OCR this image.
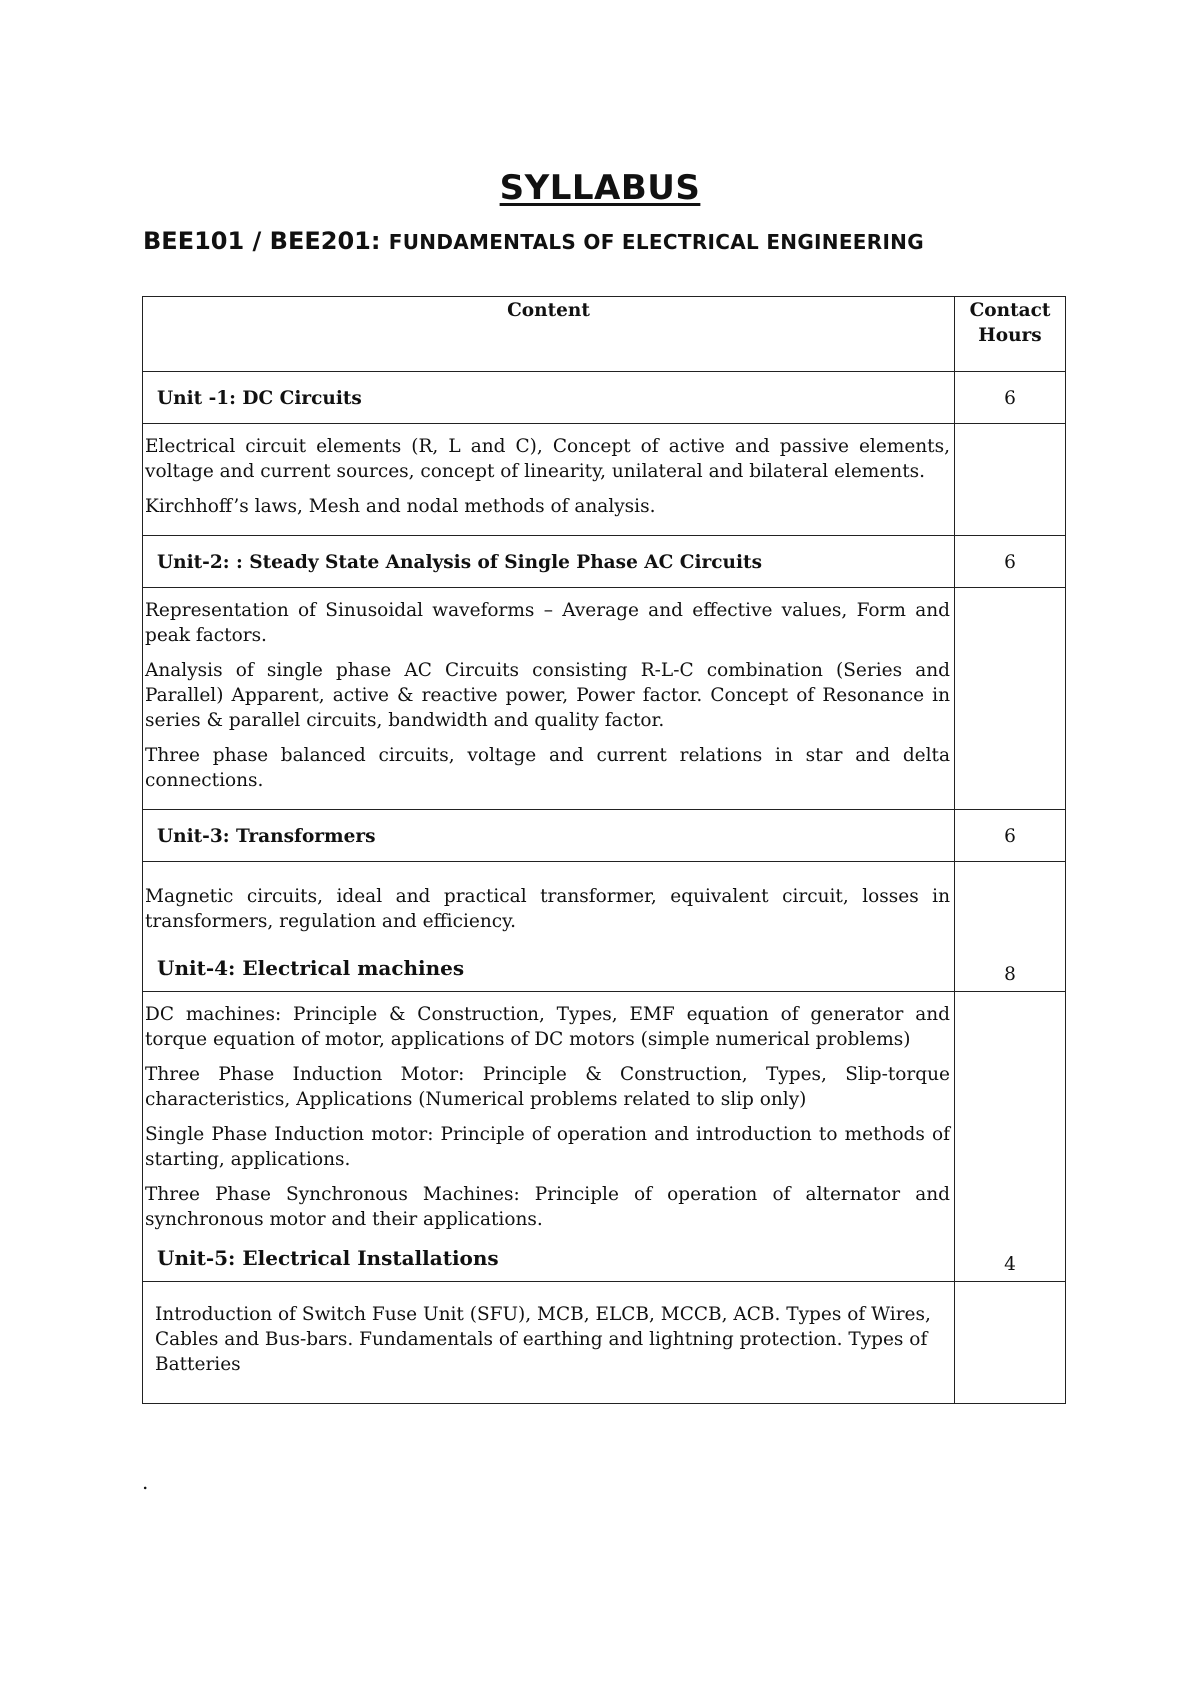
SYLLABUS
BEE101 / BEE201: FUNDAMENTALS OF ELECTRICAL ENGINEERING
Content	Contact Hours
Unit -1: DC Circuits	6

Electrical circuit elements (R, L and C), Concept of active and passive elements, voltage and current sources, concept of linearity, unilateral and bilateral elements.

Kirchhoff’s laws, Mesh and nodal methods of analysis.	

Unit-2: : Steady State Analysis of Single Phase AC Circuits	6

Representation of Sinusoidal waveforms – Average and effective values, Form and peak factors.

Analysis of single phase AC Circuits consisting R-L-C combination (Series and Parallel) Apparent, active & reactive power, Power factor. Concept of Resonance in series & parallel circuits, bandwidth and quality factor.

Three phase balanced circuits, voltage and current relations in star and delta connections.	

Unit-3: Transformers	6

Magnetic circuits, ideal and practical transformer, equivalent circuit, losses in transformers, regulation and efficiency.

Unit-4: Electrical machines	8

DC machines: Principle & Construction, Types, EMF equation of generator and torque equation of motor, applications of DC motors (simple numerical problems)

Three Phase Induction Motor: Principle & Construction, Types, Slip-torque characteristics, Applications (Numerical problems related to slip only)

Single Phase Induction motor: Principle of operation and introduction to methods of starting, applications.

Three Phase Synchronous Machines: Principle of operation of alternator and synchronous motor and their applications.

Unit-5: Electrical Installations	4

Introduction of Switch Fuse Unit (SFU), MCB, ELCB, MCCB, ACB. Types of Wires, Cables and Bus-bars. Fundamentals of earthing and lightning protection. Types of Batteries	

.
